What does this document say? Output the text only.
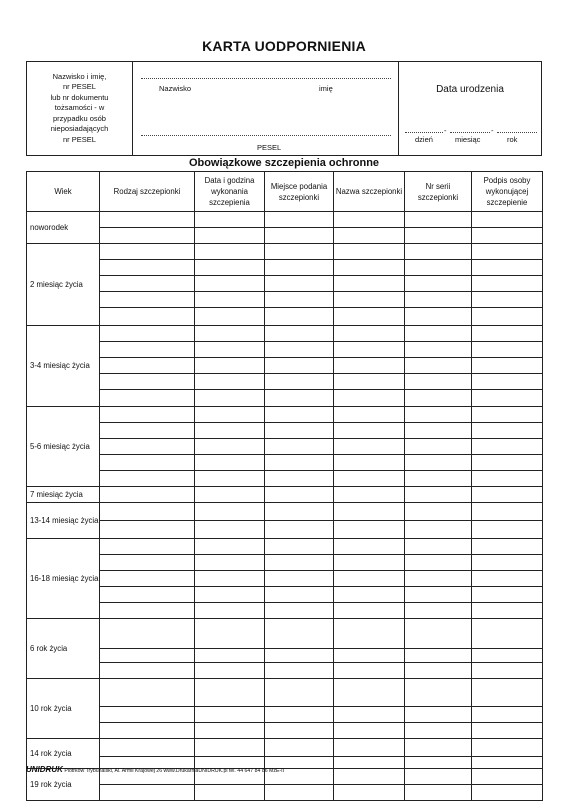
KARTA UODPORNIENIA
Nazwisko i imię,
nr PESEL
lub nr dokumentu
tożsamości - w
przypadku osób
nieposiadających
nr PESEL
Nazwisko	imię
PESEL
Data urodzenia
-	-
dzień	miesiąc	rok
Obowiązkowe szczepienia ochronne
Wiek	Rodzaj szczepionki	Data i godzina wykonania szczepienia	Miejsce podania szczepionki	Nazwa szczepionki	Nr serii szczepionki	Podpis osoby wykonującej szczepienie
noworodek						

2 miesiąc życia						

3-4 miesiąc życia						

5-6 miesiąc życia						

7 miesiąc życia						
13-14 miesiąc życia						

16-18 miesiąc życia						

6 rok życia						

10 rok życia						

14 rok życia						

19 rok życia						

UNIDRUK Piotrków Trybunalski, Al. Armii Krajowej 26 www.DrukarniaUNIDRUK.pl tel. 44 647 84 86 MzE-II
